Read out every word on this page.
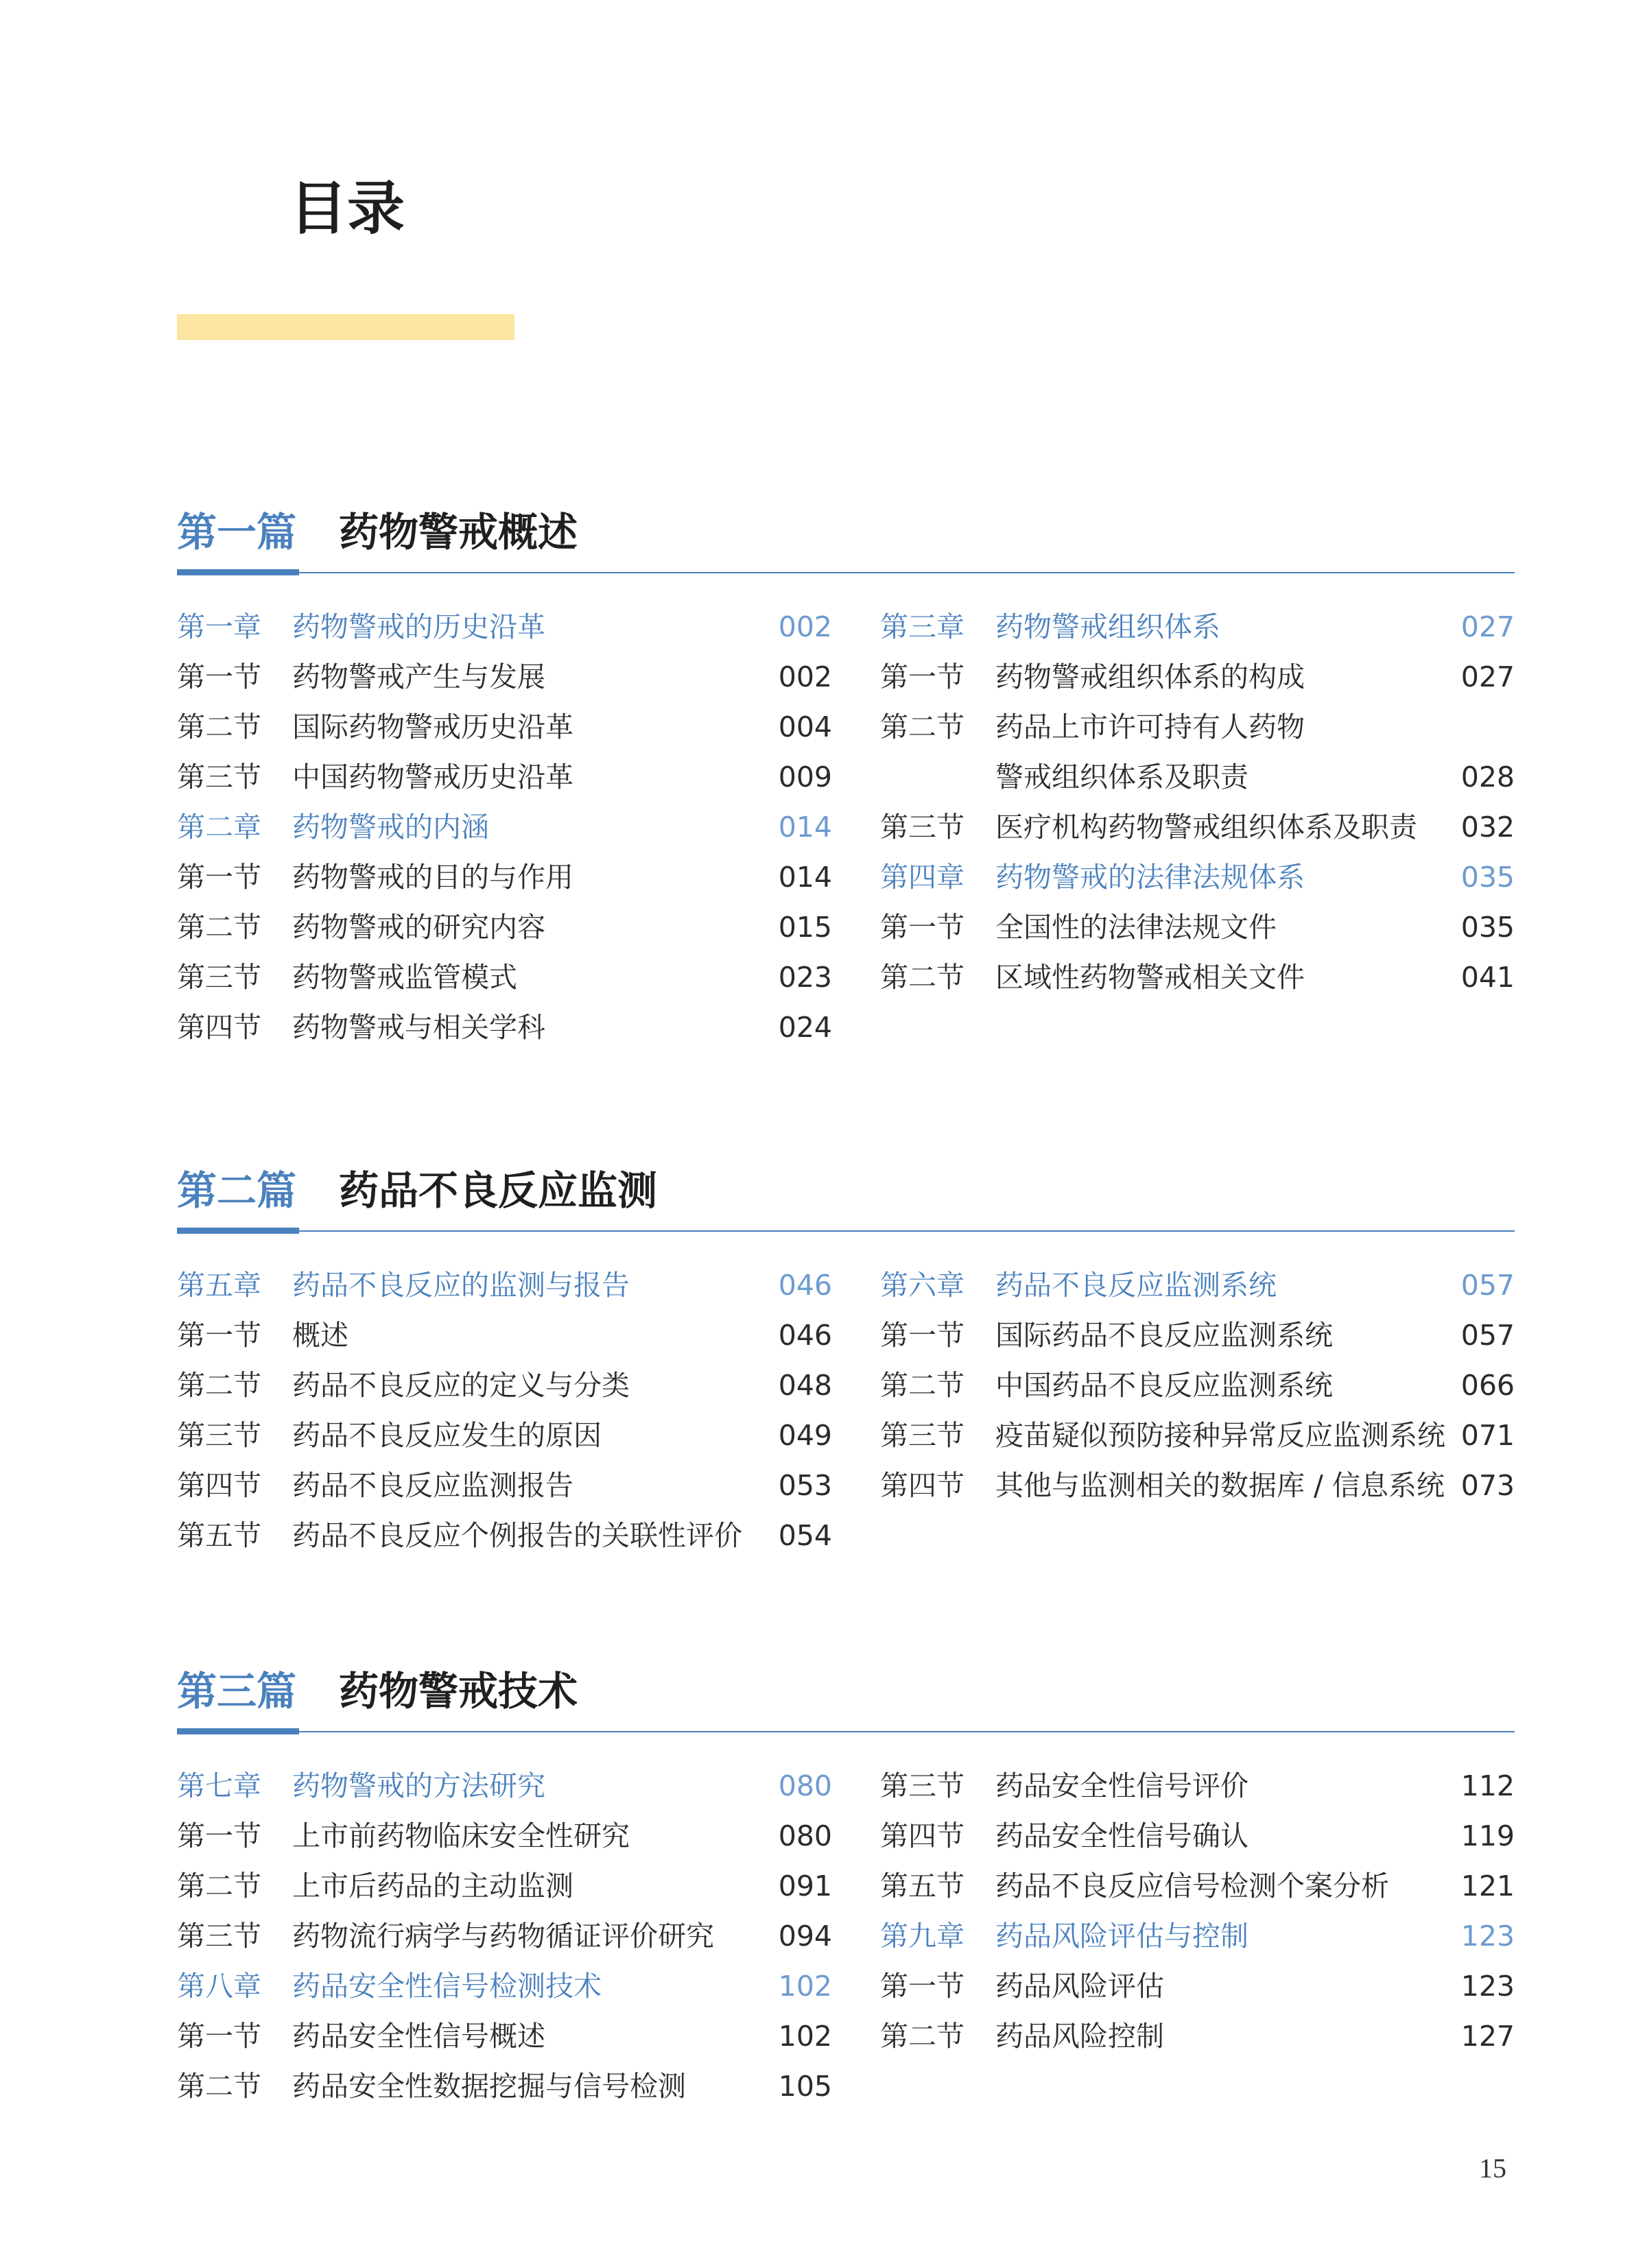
目录
第一篇 药物警戒概述
第一章 药物警戒的历史沿革	002
第一节 药物警戒产生与发展	002
第二节 国际药物警戒历史沿革	004
第三节 中国药物警戒历史沿革	009
第二章 药物警戒的内涵	014
第一节 药物警戒的目的与作用	014
第二节 药物警戒的研究内容	015
第三节 药物警戒监管模式	023
第四节 药物警戒与相关学科	024
第三章 药物警戒组织体系	027
第一节 药物警戒组织体系的构成	027
第二节 药品上市许可持有人药物
警戒组织体系及职责	028
第三节 医疗机构药物警戒组织体系及职责 032
第四章 药物警戒的法律法规体系	035
第一节 全国性的法律法规文件	035
第二节 区域性药物警戒相关文件	041
第二篇 药品不良反应监测
第五章 药品不良反应的监测与报告	046
第一节 概述	046
第二节 药品不良反应的定义与分类	048
第三节 药品不良反应发生的原因	049
第四节 药品不良反应监测报告	053
第五节 药品不良反应个例报告的关联性评价 054
第六章 药品不良反应监测系统	057
第一节 国际药品不良反应监测系统	057
第二节 中国药品不良反应监测系统	066
第三节 疫苗疑似预防接种异常反应监测系统 071
第四节 其他与监测相关的数据库 / 信息系统 073
第三篇 药物警戒技术
第七章 药物警戒的方法研究	080
第一节 上市前药物临床安全性研究	080
第二节 上市后药品的主动监测	091
第三节 药物流行病学与药物循证评价研究 094
第八章 药品安全性信号检测技术	102
第一节 药品安全性信号概述	102
第二节 药品安全性数据挖掘与信号检测	105
第三节 药品安全性信号评价	112
第四节 药品安全性信号确认	119
第五节 药品不良反应信号检测个案分析	121
第九章 药品风险评估与控制	123
第一节 药品风险评估	123
第二节 药品风险控制	127
15
